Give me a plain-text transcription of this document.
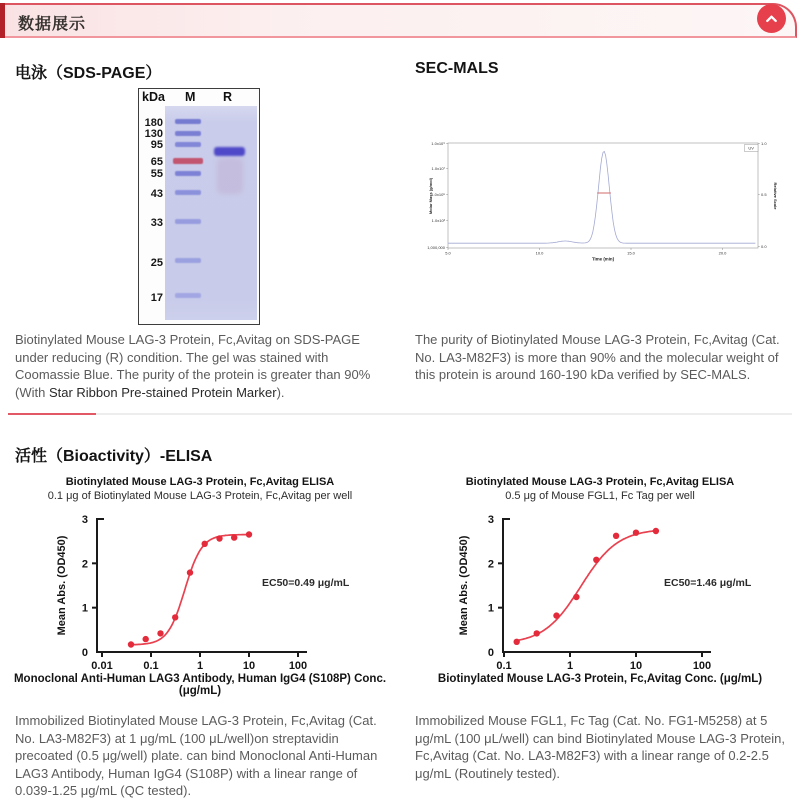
数据展示
电泳（SDS-PAGE）
kDa M R
180
130
95
65
55
43
33
25
17
Biotinylated Mouse LAG-3 Protein, Fc,Avitag on SDS-PAGE under reducing (R) condition. The gel was stained with Coomassie Blue. The purity of the protein is greater than 90% (With Star Ribbon Pre-stained Protein Marker).
SEC-MALS
1.0x10⁹
1.0x10⁷
1.0x10⁵
1.0x10³
1,000,000
1.0
0.5
0.0
5.0	10.0	15.0	20.0
Molar Mass (g/mol)	Relative Scale
Time (min)
UV
The purity of Biotinylated Mouse LAG-3 Protein, Fc,Avitag (Cat. No. LA3-M82F3) is more than 90% and the molecular weight of this protein is around 160-190 kDa verified by SEC-MALS.
活性（Bioactivity）-ELISA
Biotinylated Mouse LAG-3 Protein, Fc,Avitag ELISA
0.1 μg of Biotinylated Mouse LAG-3 Protein, Fc,Avitag per well
0
1
2
3
0.01	0.1	1	10	100
Mean Abs. (OD450)	EC50=0.49 μg/mL
Monoclonal Anti-Human LAG3 Antibody, Human IgG4 (S108P) Conc. (μg/mL)
Biotinylated Mouse LAG-3 Protein, Fc,Avitag ELISA
0.5 μg of Mouse FGL1, Fc Tag per well
0
1
2
3
0.1	1	10	100
Mean Abs. (OD450)	EC50=1.46 μg/mL
Biotinylated Mouse LAG-3 Protein, Fc,Avitag Conc. (μg/mL)
Immobilized Biotinylated Mouse LAG-3 Protein, Fc,Avitag (Cat. No. LA3-M82F3) at 1 μg/mL (100 μL/well)on streptavidin precoated (0.5 μg/well) plate. can bind Monoclonal Anti-Human LAG3 Antibody, Human IgG4 (S108P) with a linear range of 0.039-1.25 μg/mL (QC tested).
Immobilized Mouse FGL1, Fc Tag (Cat. No. FG1-M5258) at 5 μg/mL (100 μL/well) can bind Biotinylated Mouse LAG-3 Protein, Fc,Avitag (Cat. No. LA3-M82F3) with a linear range of 0.2-2.5 μg/mL (Routinely tested).
